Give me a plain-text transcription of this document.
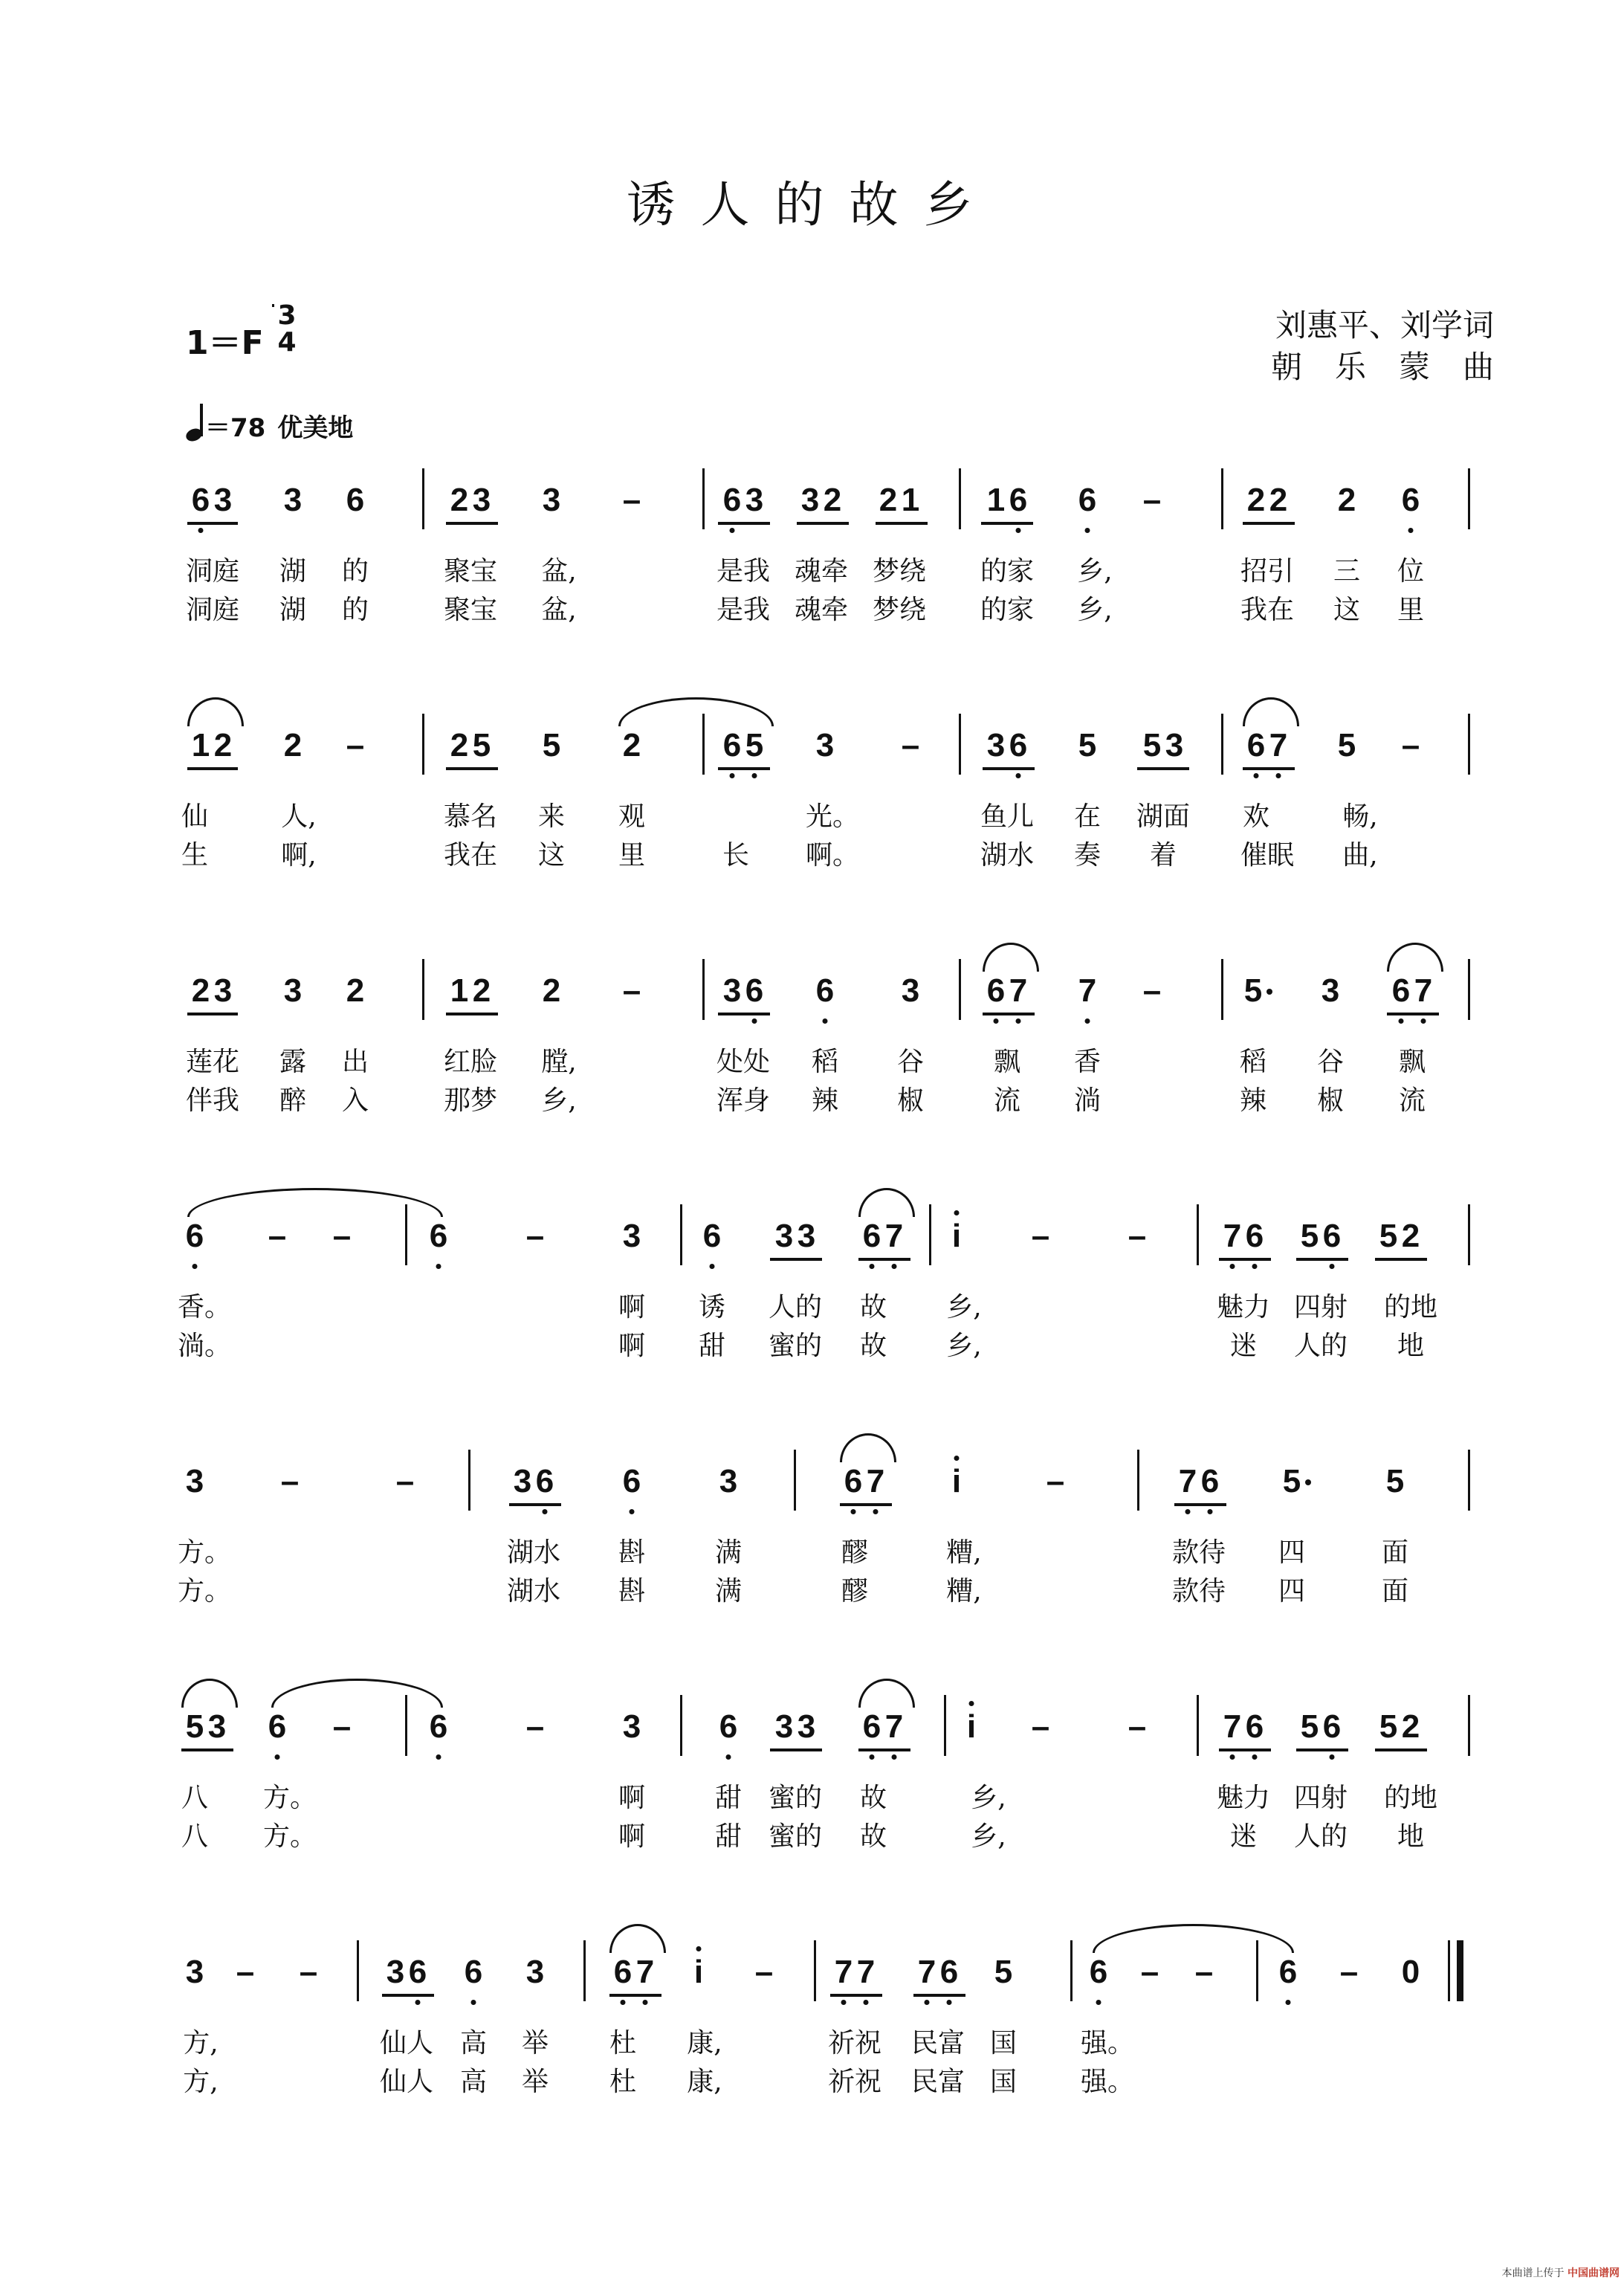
诱人的故乡
1＝F
3
4	刘惠平、刘学词
朝乐蒙曲
＝78 优美地
6 3 3 6	2 3 3 –	6 3 3 2 2 1 1 6 6 –	2 2 2 6
洞庭 湖 的	聚宝 盆,	是我 魂牵 梦绕 的家 乡,	招引 三 位
洞庭 湖 的	聚宝 盆,	是我 魂牵 梦绕 的家 乡,	我在 这 里
1 2 2 –	2 5 5 2	6 5 3 – 3 6 5 5 3 6 7 5 –
仙	人,	慕名 来 观	光。	鱼儿 在 湖面 欢	畅,
生	啊,	我在 这 里	长 啊。	湖水 奏 着 催眠 曲,
2 3 3 2	1 2 2 –	3 6 6 3 6 7 7 –	5 3 6 7
莲花 露 出	红脸 膛,	处处 稻 谷	飘 香	稻 谷 飘
伴我 醉 入	那梦 乡,	浑身 辣 椒	流 淌	辣 椒 流
6 – – 6 – 3 6 3 3 6 7 i – – 7 6 5 6 5 2
香。	啊 诱 人的 故 乡,	魅力 四射 的地
淌。	啊 甜 蜜的 故 乡,	迷 人的 地
3 –	–	3 6 6 3	6 7 i	–	7 6 5	5
方。	湖水 斟	满	醪	糟,	款待 四	面
方。	湖水 斟	满	醪	糟,	款待 四	面
5 3 6 – 6 – 3 6 3 3 6 7 i – – 7 6 5 6 5 2
八 方。	啊	甜 蜜的 故	乡,	魅力 四射 的地
八 方。	啊	甜 蜜的 故	乡,	迷 人的 地
3 – – 3 6 6 3 6 7 i – 7 7 7 6 5 6 – – 6 – 0
方,	仙人 高 举 杜 康,	祈祝 民富 国 强。
方,	仙人 高 举 杜 康,	祈祝 民富 国 强。
本曲谱上传于 中国曲谱网
